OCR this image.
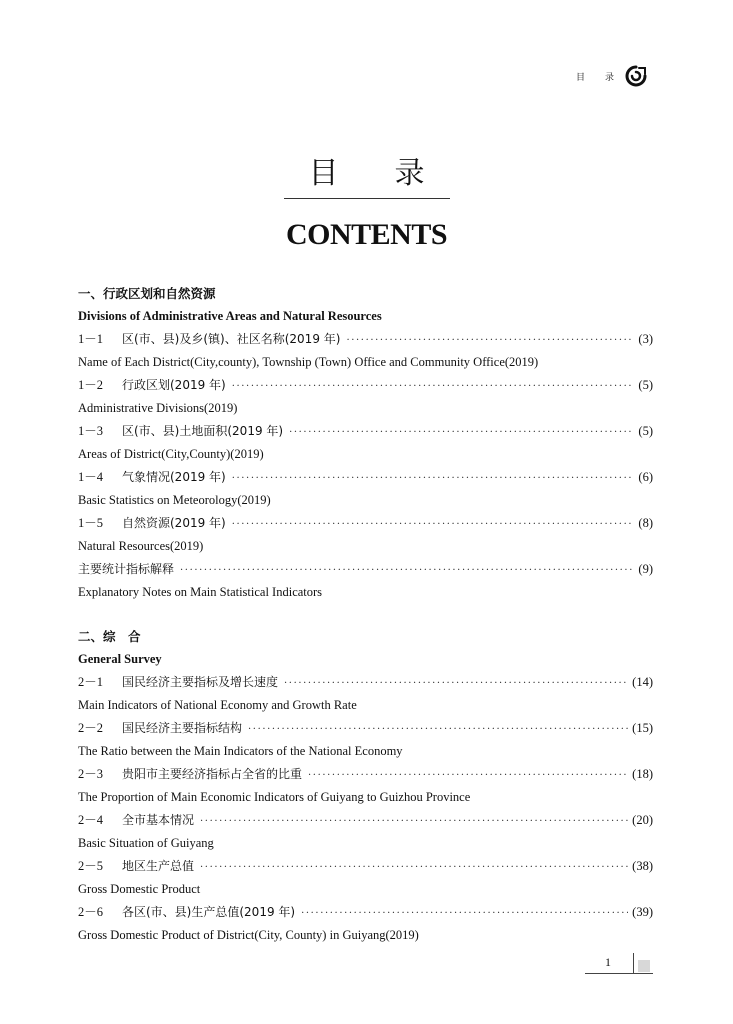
目 录
目 录
CONTENTS
一、行政区划和自然资源
Divisions of Administrative Areas and Natural Resources
1－1	区(市、县)及乡(镇)、社区名称(2019 年) ·····	(3)
Name of Each District(City,county), Township (Town) Office and Community Office(2019)
1－2	行政区划(2019 年) ·····	(5)
Administrative Divisions(2019)
1－3	区(市、县)土地面积(2019 年) ·····	(5)
Areas of District(City,County)(2019)
1－4	气象情况(2019 年) ·····	(6)
Basic Statistics on Meteorology(2019)
1－5	自然资源(2019 年) ·····	(8)
Natural Resources(2019)
主要统计指标解释 ·····	(9)
Explanatory Notes on Main Statistical Indicators
二、综　合
General Survey
2－1	国民经济主要指标及增长速度 ·····	(14)
Main Indicators of National Economy and Growth Rate
2－2	国民经济主要指标结构 ·····	(15)
The Ratio between the Main Indicators of the National Economy
2－3	贵阳市主要经济指标占全省的比重 ·····	(18)
The Proportion of Main Economic Indicators of Guiyang to Guizhou Province
2－4	全市基本情况 ·····	(20)
Basic Situation of Guiyang
2－5	地区生产总值 ·····	(38)
Gross Domestic Product
2－6	各区(市、县)生产总值(2019 年) ·····	(39)
Gross Domestic Product of District(City, County) in Guiyang(2019)
1
